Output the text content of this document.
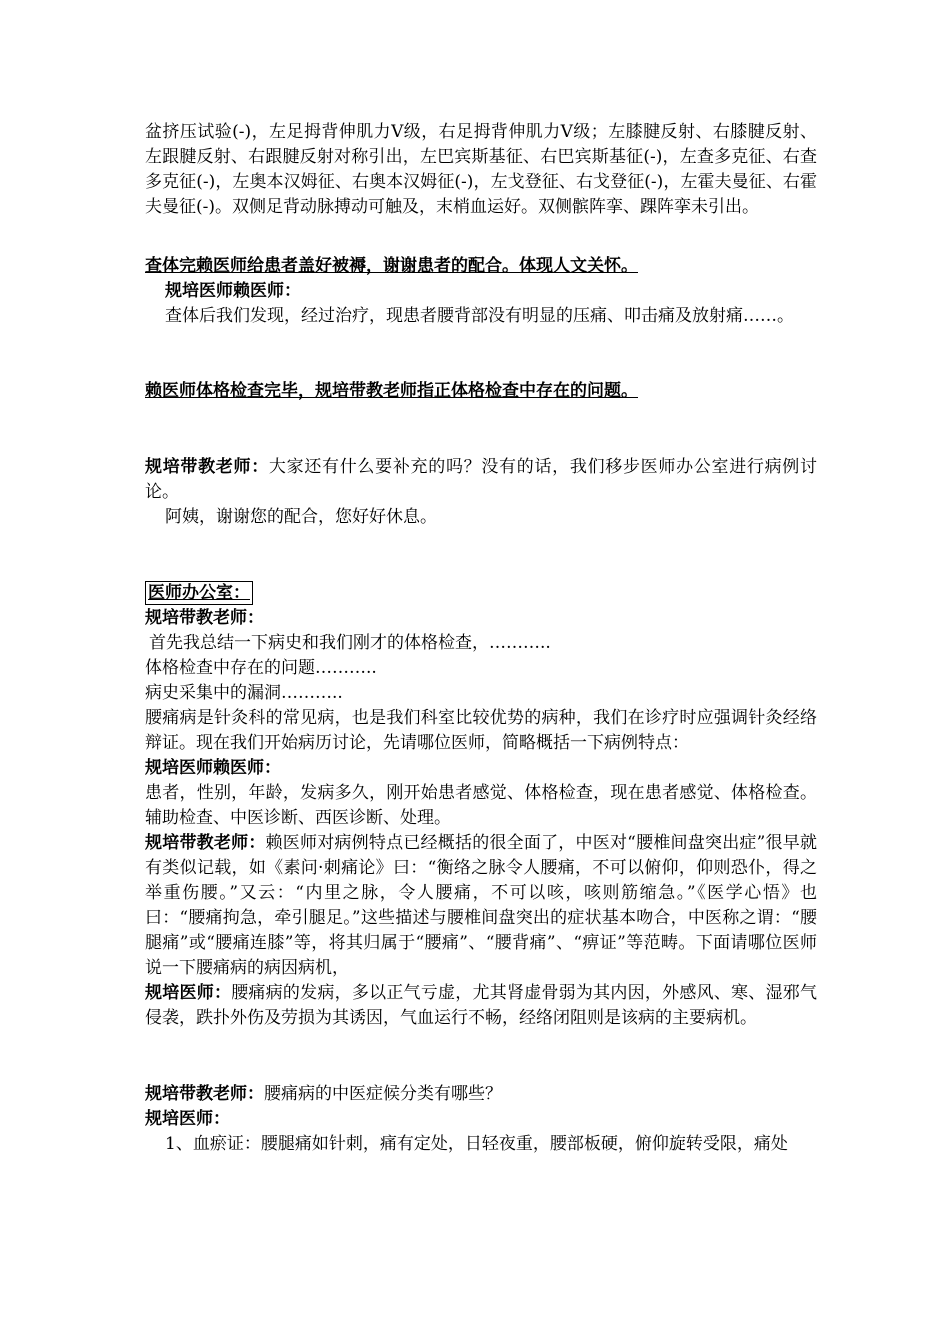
盆挤压试验(-)，左足拇背伸肌力Ⅴ级，右足拇背伸肌力Ⅴ级；左膝腱反射、右膝腱反射、左跟腱反射、右跟腱反射对称引出，左巴宾斯基征、右巴宾斯基征(-)，左查多克征、右查多克征(-)，左奥本汉姆征、右奥本汉姆征(-)，左戈登征、右戈登征(-)，左霍夫曼征、右霍夫曼征(-)。双侧足背动脉搏动可触及，末梢血运好。双侧髌阵挛、踝阵挛未引出。

查体完赖医师给患者盖好被褥，谢谢患者的配合。体现人文关怀。

规培医师赖医师：

查体后我们发现，经过治疗，现患者腰背部没有明显的压痛、叩击痛及放射痛……。

赖医师体格检查完毕，规培带教老师指正体格检查中存在的问题。

规培带教老师：大家还有什么要补充的吗？没有的话，我们移步医师办公室进行病例讨论。

阿姨，谢谢您的配合，您好好休息。

医师办公室：

规培带教老师：

首先我总结一下病史和我们刚才的体格检查，………..

体格检查中存在的问题………..

病史采集中的漏洞………..

腰痛病是针灸科的常见病，也是我们科室比较优势的病种，我们在诊疗时应强调针灸经络辩证。现在我们开始病历讨论，先请哪位医师，简略概括一下病例特点：

规培医师赖医师：

患者，性别，年龄，发病多久，刚开始患者感觉、体格检查，现在患者感觉、体格检查。辅助检查、中医诊断、西医诊断、处理。

规培带教老师：赖医师对病例特点已经概括的很全面了，中医对“腰椎间盘突出症”很早就有类似记载，如《素问·刺痛论》曰：“衡络之脉令人腰痛，不可以俯仰，仰则恐仆，得之举重伤腰。”又云：“内里之脉，令人腰痛，不可以咳，咳则筋缩急。”《医学心悟》也曰：“腰痛拘急，牵引腿足。”这些描述与腰椎间盘突出的症状基本吻合，中医称之谓：“腰腿痛”或“腰痛连膝”等，将其归属于“腰痛”、“腰背痛”、“痹证”等范畴。下面请哪位医师说一下腰痛病的病因病机，

规培医师：腰痛病的发病，多以正气亏虚，尤其肾虚骨弱为其内因，外感风、寒、湿邪气侵袭，跌扑外伤及劳损为其诱因，气血运行不畅，经络闭阻则是该病的主要病机。

规培带教老师：腰痛病的中医症候分类有哪些？

规培医师：

1、血瘀证：腰腿痛如针刺，痛有定处，日轻夜重，腰部板硬，俯仰旋转受限，痛处
